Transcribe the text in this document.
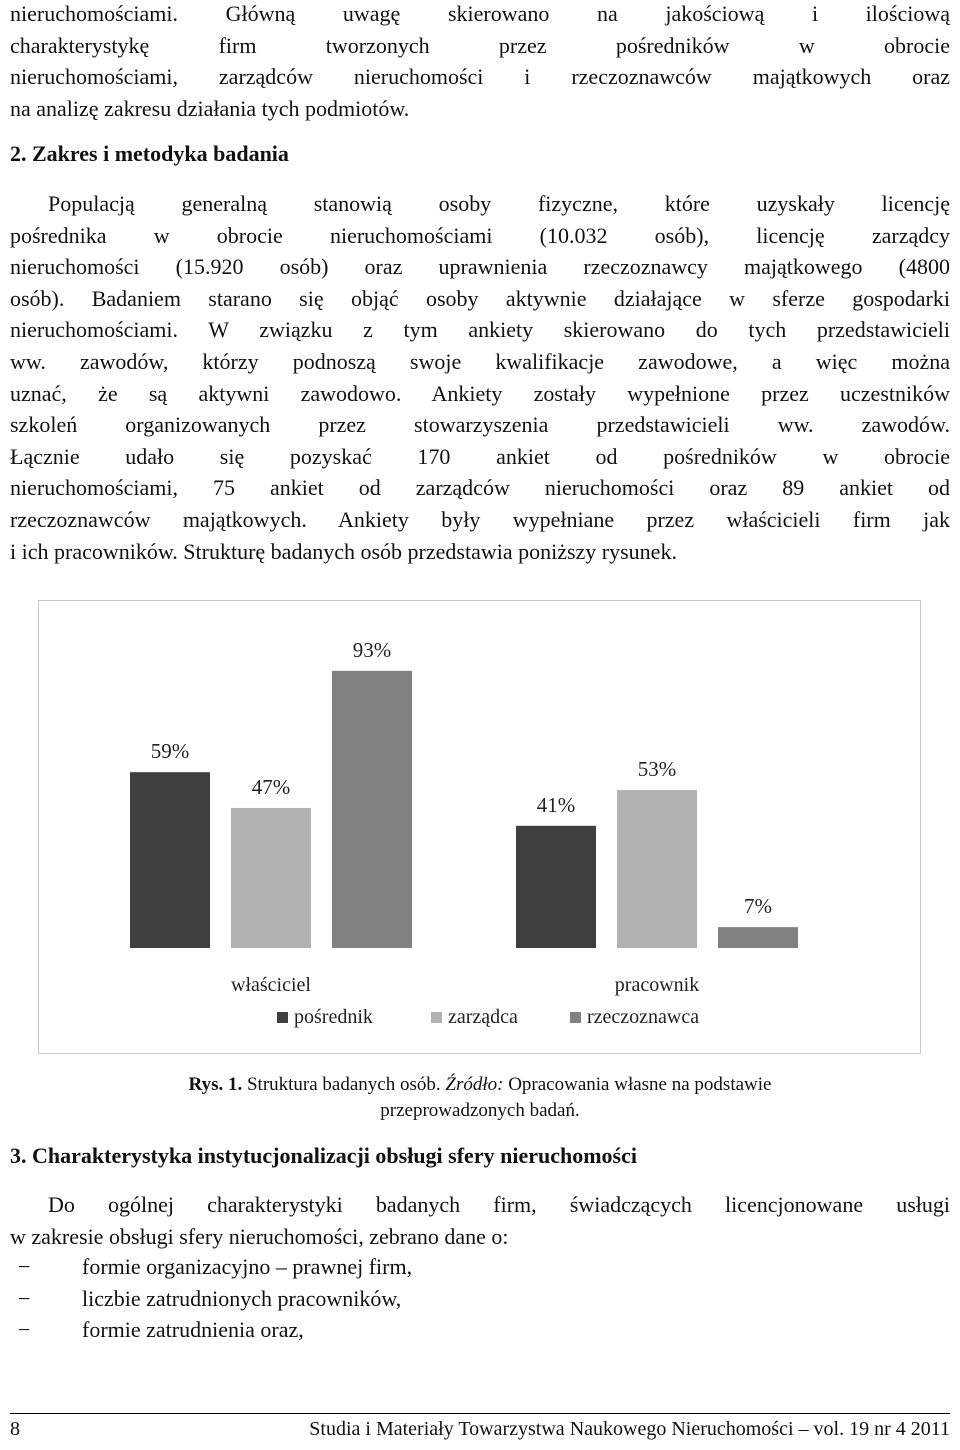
nieruchomościami. Główną uwagę skierowano na jakościową i ilościową
charakterystykę firm tworzonych przez pośredników w obrocie
nieruchomościami, zarządców nieruchomości i rzeczoznawców majątkowych oraz
na analizę zakresu działania tych podmiotów.
2. Zakres i metodyka badania
Populacją generalną stanowią osoby fizyczne, które uzyskały licencję
pośrednika w obrocie nieruchomościami (10.032 osób), licencję zarządcy
nieruchomości (15.920 osób) oraz uprawnienia rzeczoznawcy majątkowego (4800
osób). Badaniem starano się objąć osoby aktywnie działające w sferze gospodarki
nieruchomościami. W związku z tym ankiety skierowano do tych przedstawicieli
ww. zawodów, którzy podnoszą swoje kwalifikacje zawodowe, a więc można
uznać, że są aktywni zawodowo. Ankiety zostały wypełnione przez uczestników
szkoleń organizowanych przez stowarzyszenia przedstawicieli ww. zawodów.
Łącznie udało się pozyskać 170 ankiet od pośredników w obrocie
nieruchomościami, 75 ankiet od zarządców nieruchomości oraz 89 ankiet od
rzeczoznawców majątkowych. Ankiety były wypełniane przez właścicieli firm jak
i ich pracowników. Strukturę badanych osób przedstawia poniższy rysunek.
59%
47%
93%
41%
53%
7%
właściciel	pracownik
pośrednik	zarządca	rzeczoznawca
Rys. 1. Struktura badanych osób. Źródło: Opracowania własne na podstawie
przeprowadzonych badań.
3. Charakterystyka instytucjonalizacji obsługi sfery nieruchomości
Do ogólnej charakterystyki badanych firm, świadczących licencjonowane usługi
w zakresie obsługi sfery nieruchomości, zebrano dane o:
− formie organizacyjno – prawnej firm,
− liczbie zatrudnionych pracowników,
− formie zatrudnienia oraz,
8	Studia i Materiały Towarzystwa Naukowego Nieruchomości – vol. 19 nr 4 2011
